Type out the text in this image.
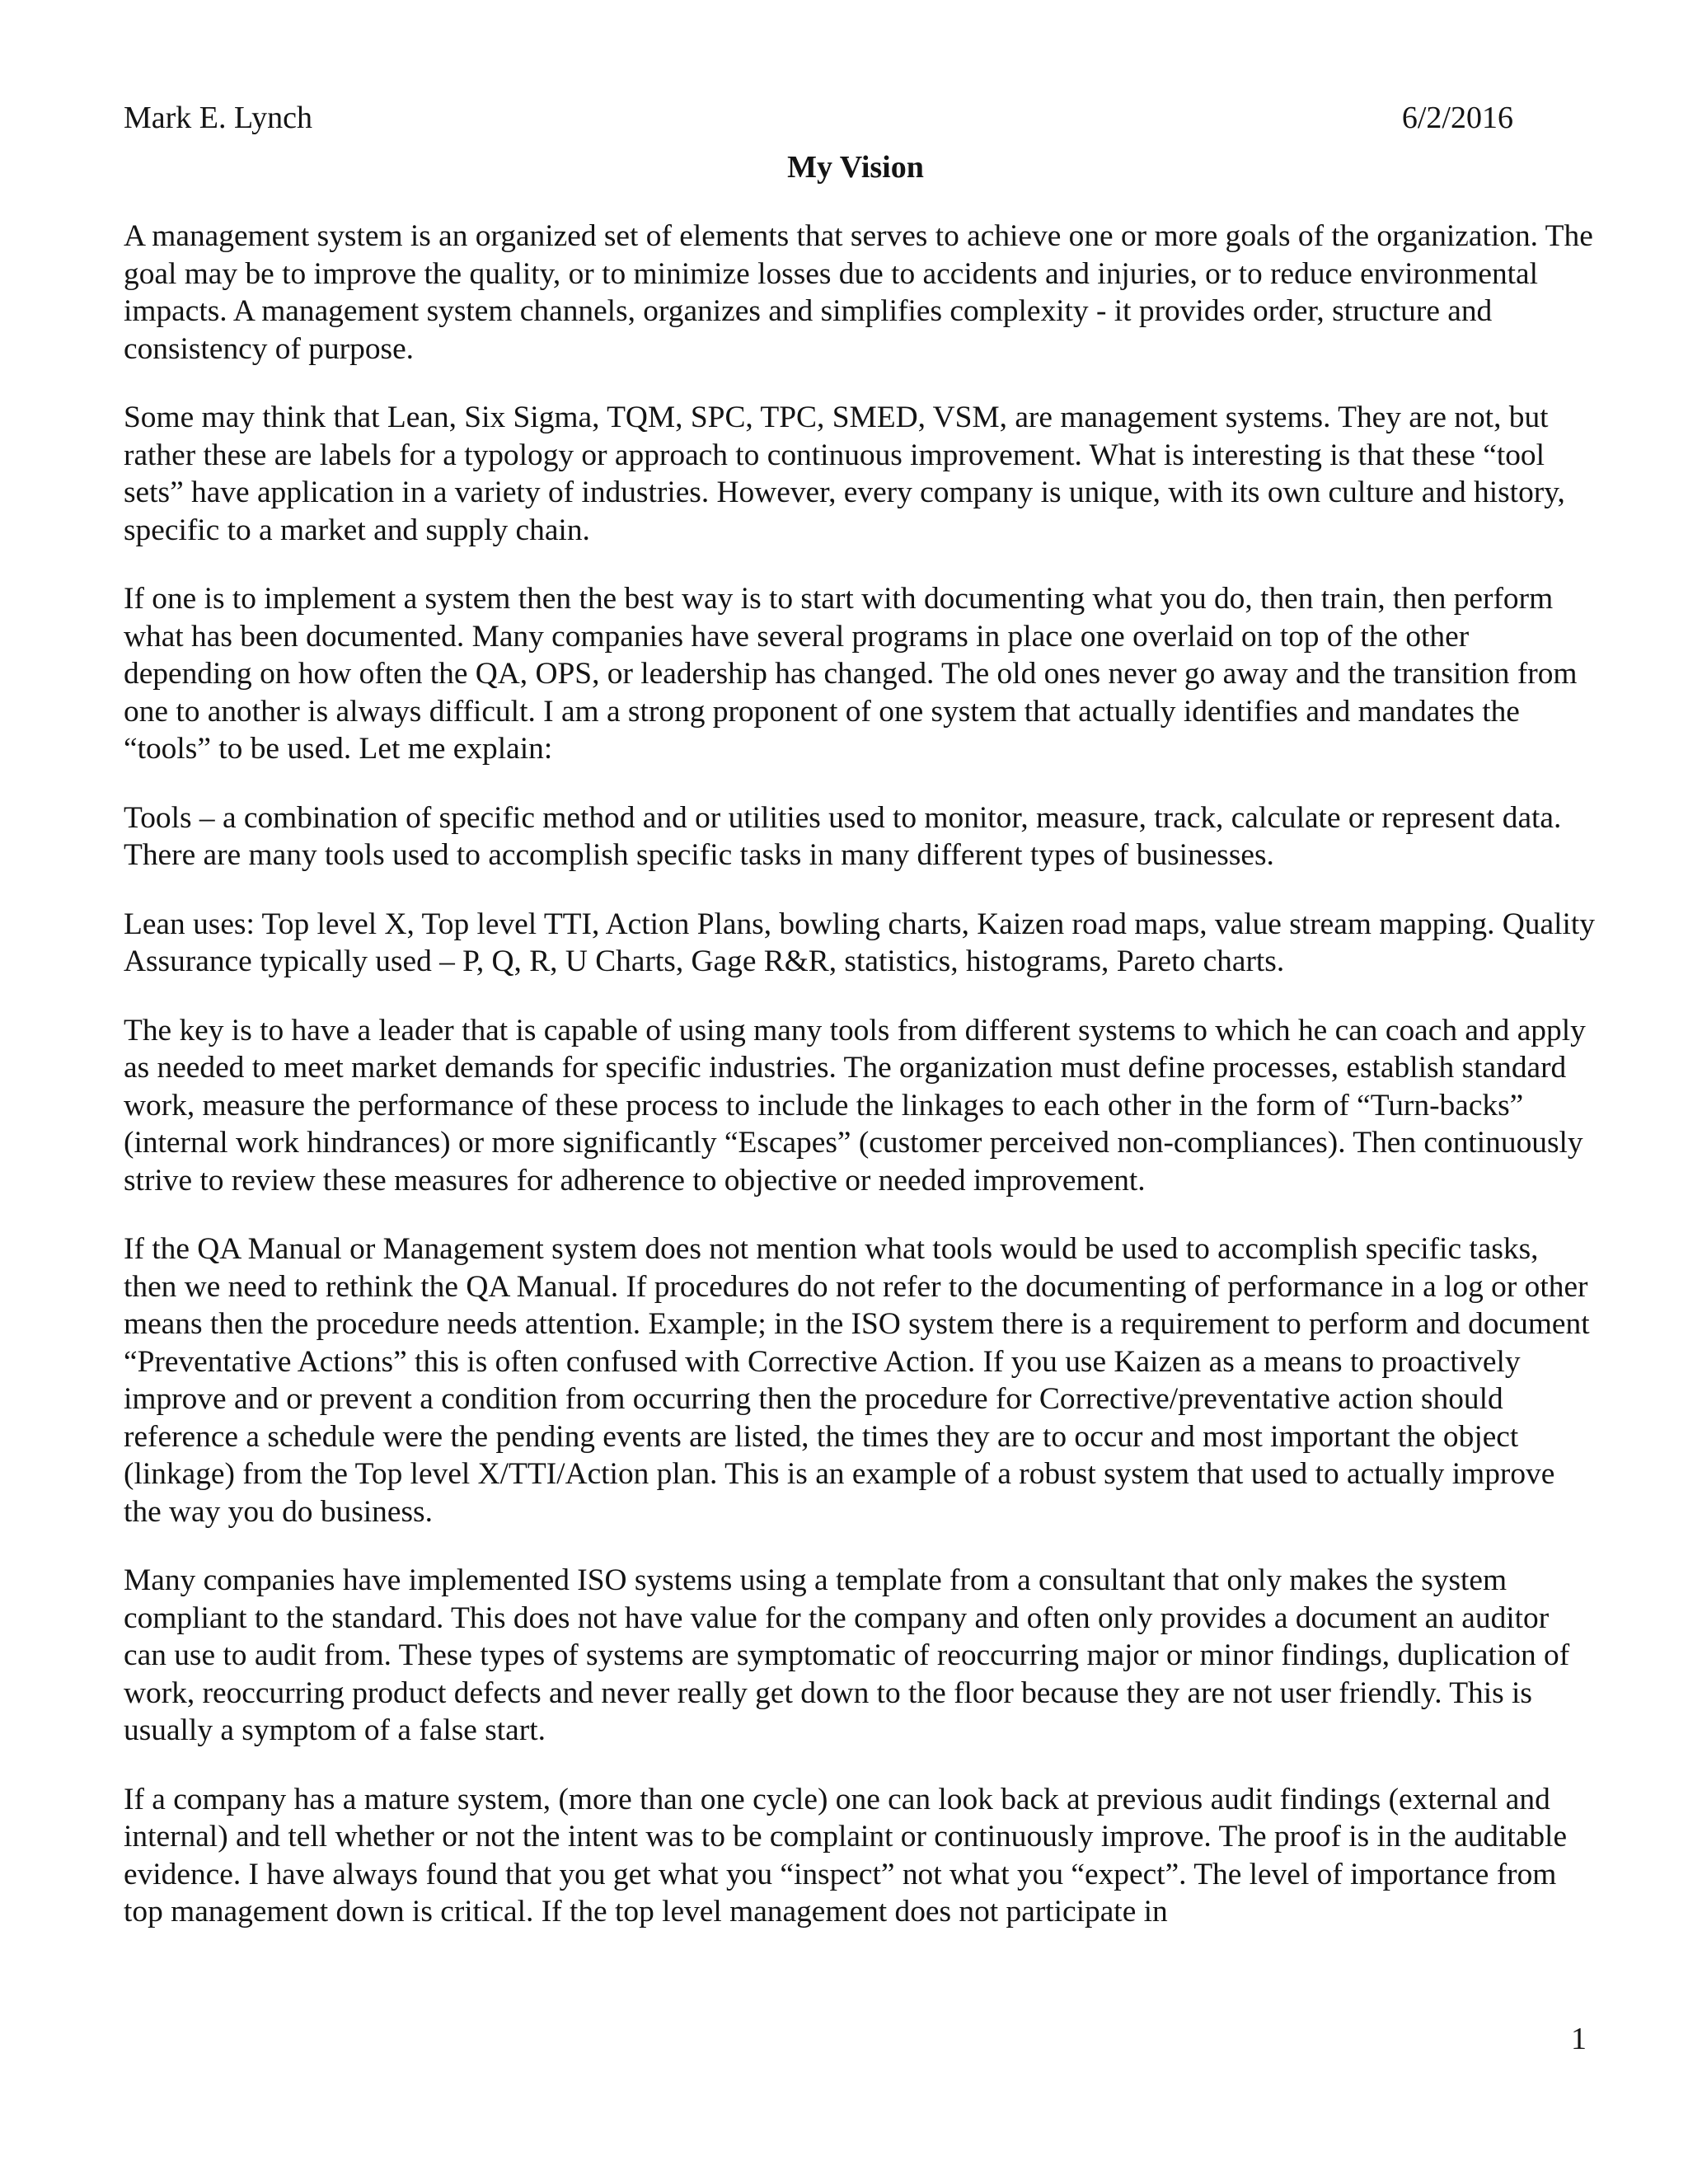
Mark E. Lynch	6/2/2016
My Vision

A management system is an organized set of elements that serves to achieve one or more goals of the organization. The goal may be to improve the quality, or to minimize losses due to accidents and injuries, or to reduce environmental impacts. A management system channels, organizes and simplifies complexity - it provides order, structure and consistency of purpose.

Some may think that Lean, Six Sigma, TQM, SPC, TPC, SMED, VSM, are management systems. They are not, but rather these are labels for a typology or approach to continuous improvement. What is interesting is that these “tool sets” have application in a variety of industries. However, every company is unique, with its own culture and history, specific to a market and supply chain.

If one is to implement a system then the best way is to start with documenting what you do, then train, then perform what has been documented. Many companies have several programs in place one overlaid on top of the other depending on how often the QA, OPS, or leadership has changed. The old ones never go away and the transition from one to another is always difficult. I am a strong proponent of one system that actually identifies and mandates the “tools” to be used. Let me explain:

Tools – a combination of specific method and or utilities used to monitor, measure, track, calculate or represent data. There are many tools used to accomplish specific tasks in many different types of businesses.

Lean uses: Top level X, Top level TTI, Action Plans, bowling charts, Kaizen road maps, value stream mapping. Quality Assurance typically used – P, Q, R, U Charts, Gage R&R, statistics, histograms, Pareto charts.

The key is to have a leader that is capable of using many tools from different systems to which he can coach and apply as needed to meet market demands for specific industries. The organization must define processes, establish standard work, measure the performance of these process to include the linkages to each other in the form of “Turn-backs” (internal work hindrances) or more significantly “Escapes” (customer perceived non-compliances). Then continuously strive to review these measures for adherence to objective or needed improvement.

If the QA Manual or Management system does not mention what tools would be used to accomplish specific tasks, then we need to rethink the QA Manual. If procedures do not refer to the documenting of performance in a log or other means then the procedure needs attention. Example; in the ISO system there is a requirement to perform and document “Preventative Actions” this is often confused with Corrective Action. If you use Kaizen as a means to proactively improve and or prevent a condition from occurring then the procedure for Corrective/preventative action should reference a schedule were the pending events are listed, the times they are to occur and most important the object (linkage) from the Top level X/TTI/Action plan. This is an example of a robust system that used to actually improve the way you do business.

Many companies have implemented ISO systems using a template from a consultant that only makes the system compliant to the standard. This does not have value for the company and often only provides a document an auditor can use to audit from. These types of systems are symptomatic of reoccurring major or minor findings, duplication of work, reoccurring product defects and never really get down to the floor because they are not user friendly. This is usually a symptom of a false start.

If a company has a mature system, (more than one cycle) one can look back at previous audit findings (external and internal) and tell whether or not the intent was to be complaint or continuously improve. The proof is in the auditable evidence. I have always found that you get what you “inspect” not what you “expect”. The level of importance from top management down is critical. If the top level management does not participate in

1
